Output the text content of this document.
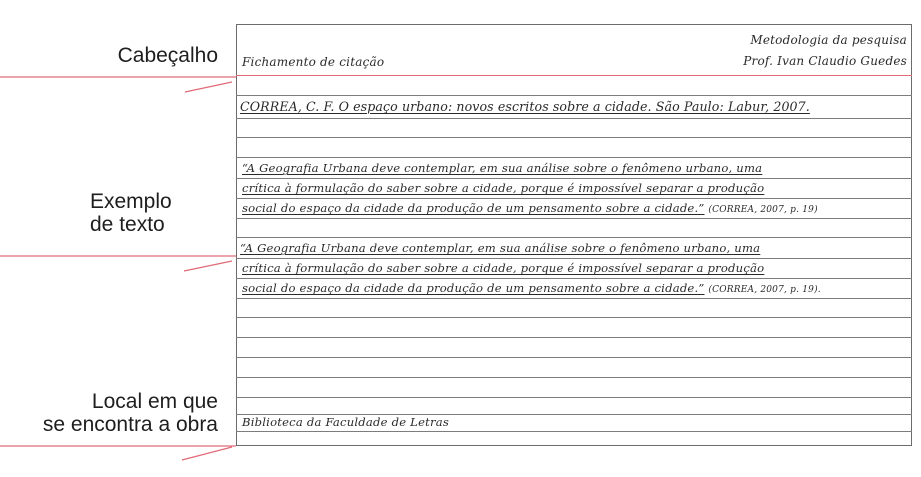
Cabeçalho
Exemplo
de texto
Local em que
se encontra a obra
Fichamento de citação
Metodologia da pesquisa
Prof. Ivan Claudio Guedes
CORREA, C. F. O espaço urbano: novos escritos sobre a cidade. São Paulo: Labur, 2007.
“A Geografia Urbana deve contemplar, em sua análise sobre o fenômeno urbano, uma
crítica à formulação do saber sobre a cidade, porque é impossível separar a produção
social do espaço da cidade da produção de um pensamento sobre a cidade.” (CORREA, 2007, p. 19)
“A Geografia Urbana deve contemplar, em sua análise sobre o fenômeno urbano, uma
crítica à formulação do saber sobre a cidade, porque é impossível separar a produção
social do espaço da cidade da produção de um pensamento sobre a cidade.” (CORREA, 2007, p. 19).
Biblioteca da Faculdade de Letras
